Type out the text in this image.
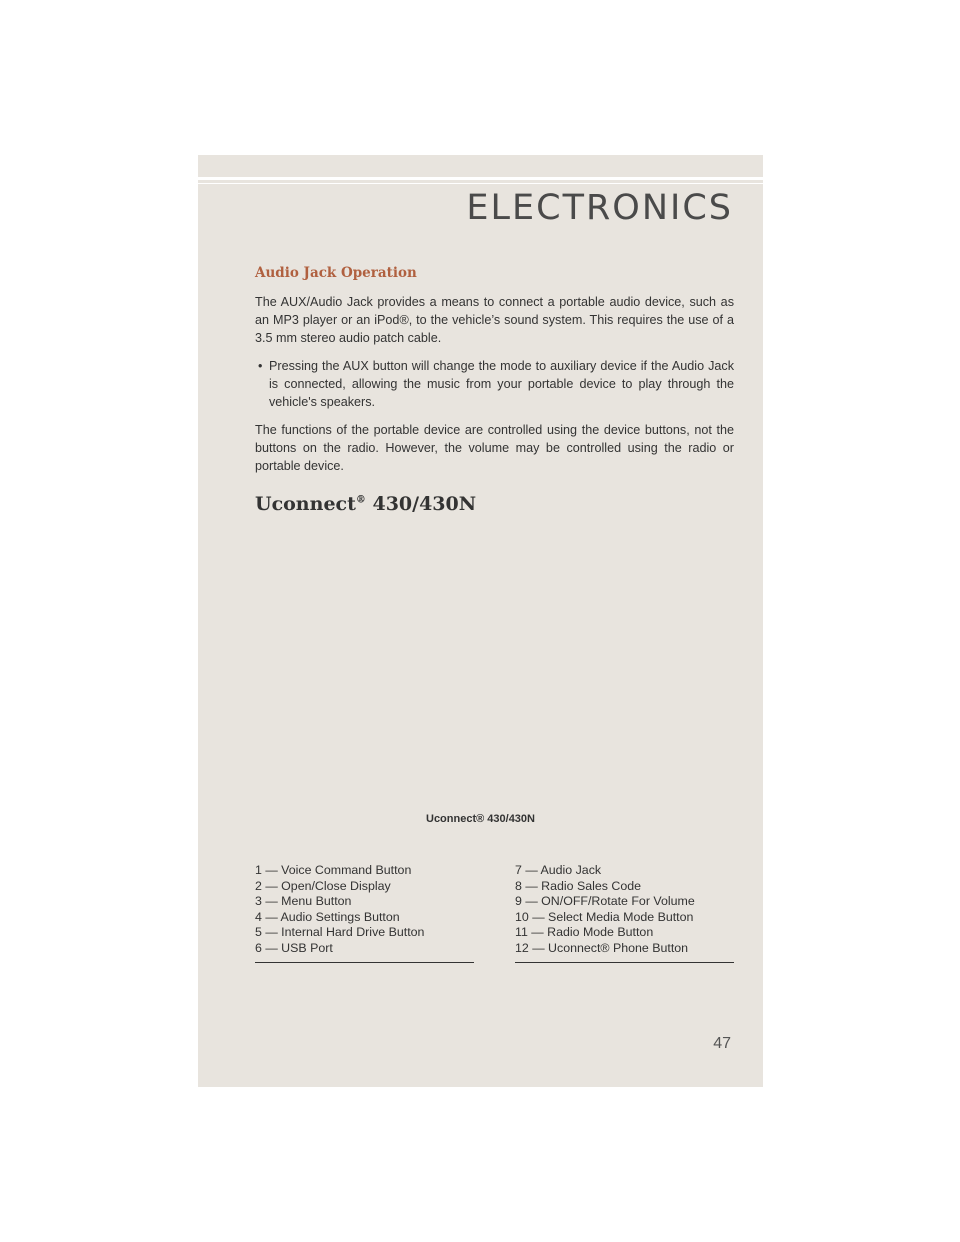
ELECTRONICS
Audio Jack Operation

The AUX/Audio Jack provides a means to connect a portable audio device, such as an MP3 player or an iPod®, to the vehicle’s sound system. This requires the use of a 3.5 mm stereo audio patch cable.

• Pressing the AUX button will change the mode to auxiliary device if the Audio Jack is connected, allowing the music from your portable device to play through the vehicle's speakers.

The functions of the portable device are controlled using the device buttons, not the buttons on the radio. However, the volume may be controlled using the radio or portable device.

Uconnect® 430/430N
Uconnect® 430/430N
1 — Voice Command Button
2 — Open/Close Display
3 — Menu Button
4 — Audio Settings Button
5 — Internal Hard Drive Button
6 — USB Port
7 — Audio Jack
8 — Radio Sales Code
9 — ON/OFF/Rotate For Volume
10 — Select Media Mode Button
11 — Radio Mode Button
12 — Uconnect® Phone Button
47
